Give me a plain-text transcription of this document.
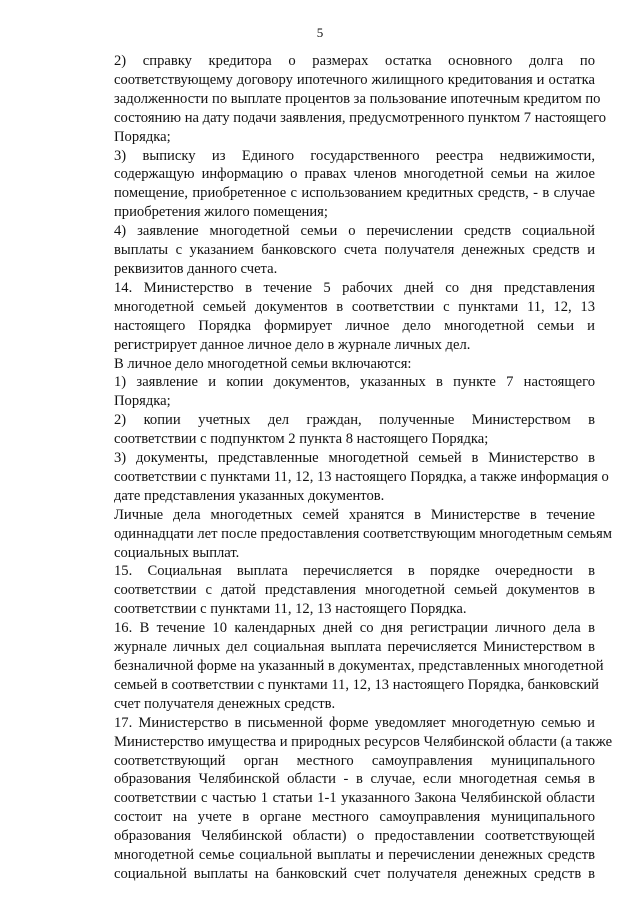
5
2) справку кредитора о размерах остатка основного долга по
соответствующему договору ипотечного жилищного кредитования и остатка
задолженности по выплате процентов за пользование ипотечным кредитом по
состоянию на дату подачи заявления, предусмотренного пунктом 7 настоящего
Порядка;
3) выписку из Единого государственного реестра недвижимости,
содержащую информацию о правах членов многодетной семьи на жилое
помещение, приобретенное с использованием кредитных средств, - в случае
приобретения жилого помещения;
4) заявление многодетной семьи о перечислении средств социальной
выплаты с указанием банковского счета получателя денежных средств и
реквизитов данного счета.
14. Министерство в течение 5 рабочих дней со дня представления
многодетной семьей документов в соответствии с пунктами 11, 12, 13
настоящего Порядка формирует личное дело многодетной семьи и
регистрирует данное личное дело в журнале личных дел.
В личное дело многодетной семьи включаются:
1) заявление и копии документов, указанных в пункте 7 настоящего
Порядка;
2) копии учетных дел граждан, полученные Министерством в
соответствии с подпунктом 2 пункта 8 настоящего Порядка;
3) документы, представленные многодетной семьей в Министерство в
соответствии с пунктами 11, 12, 13 настоящего Порядка, а также информация о
дате представления указанных документов.
Личные дела многодетных семей хранятся в Министерстве в течение
одиннадцати лет после предоставления соответствующим многодетным семьям
социальных выплат.
15. Социальная выплата перечисляется в порядке очередности в
соответствии с датой представления многодетной семьей документов в
соответствии с пунктами 11, 12, 13 настоящего Порядка.
16. В течение 10 календарных дней со дня регистрации личного дела в
журнале личных дел социальная выплата перечисляется Министерством в
безналичной форме на указанный в документах, представленных многодетной
семьей в соответствии с пунктами 11, 12, 13 настоящего Порядка, банковский
счет получателя денежных средств.
17. Министерство в письменной форме уведомляет многодетную семью и
Министерство имущества и природных ресурсов Челябинской области (а также
соответствующий орган местного самоуправления муниципального
образования Челябинской области - в случае, если многодетная семья в
соответствии с частью 1 статьи 1-1 указанного Закона Челябинской области
состоит на учете в органе местного самоуправления муниципального
образования Челябинской области) о предоставлении соответствующей
многодетной семье социальной выплаты и перечислении денежных средств
социальной выплаты на банковский счет получателя денежных средств в
